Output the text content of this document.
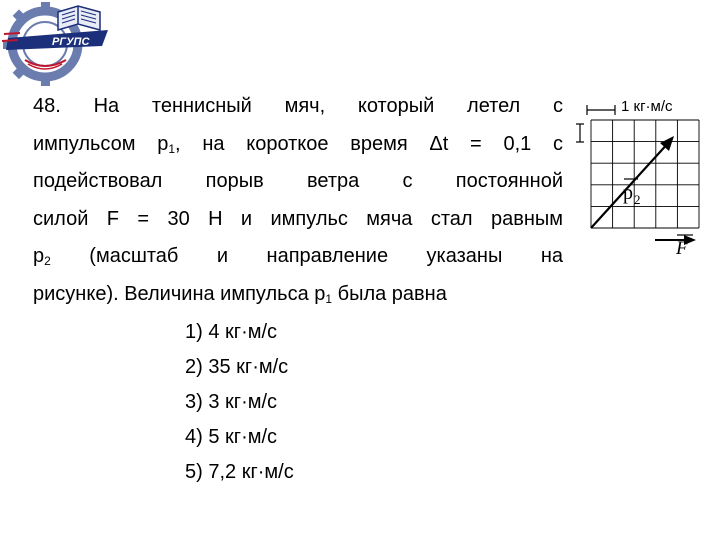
РГУПС
48. На теннисный мяч, который летел с
импульсом $р_1$, на короткое время Δt = 0,1 с
подействовал порыв ветра с постоянной
силой F = 30 Н и импульс мяча стал равным
$p_2$ (масштаб и направление указаны на
рисунке). Величина импульса $p_1$ была равна
1) 4 кг·м/с
2) 35 кг·м/с
3) 3 кг·м/с
4) 5 кг·м/с
5) 7,2 кг·м/с
1 кг·м/с
p 2
F
